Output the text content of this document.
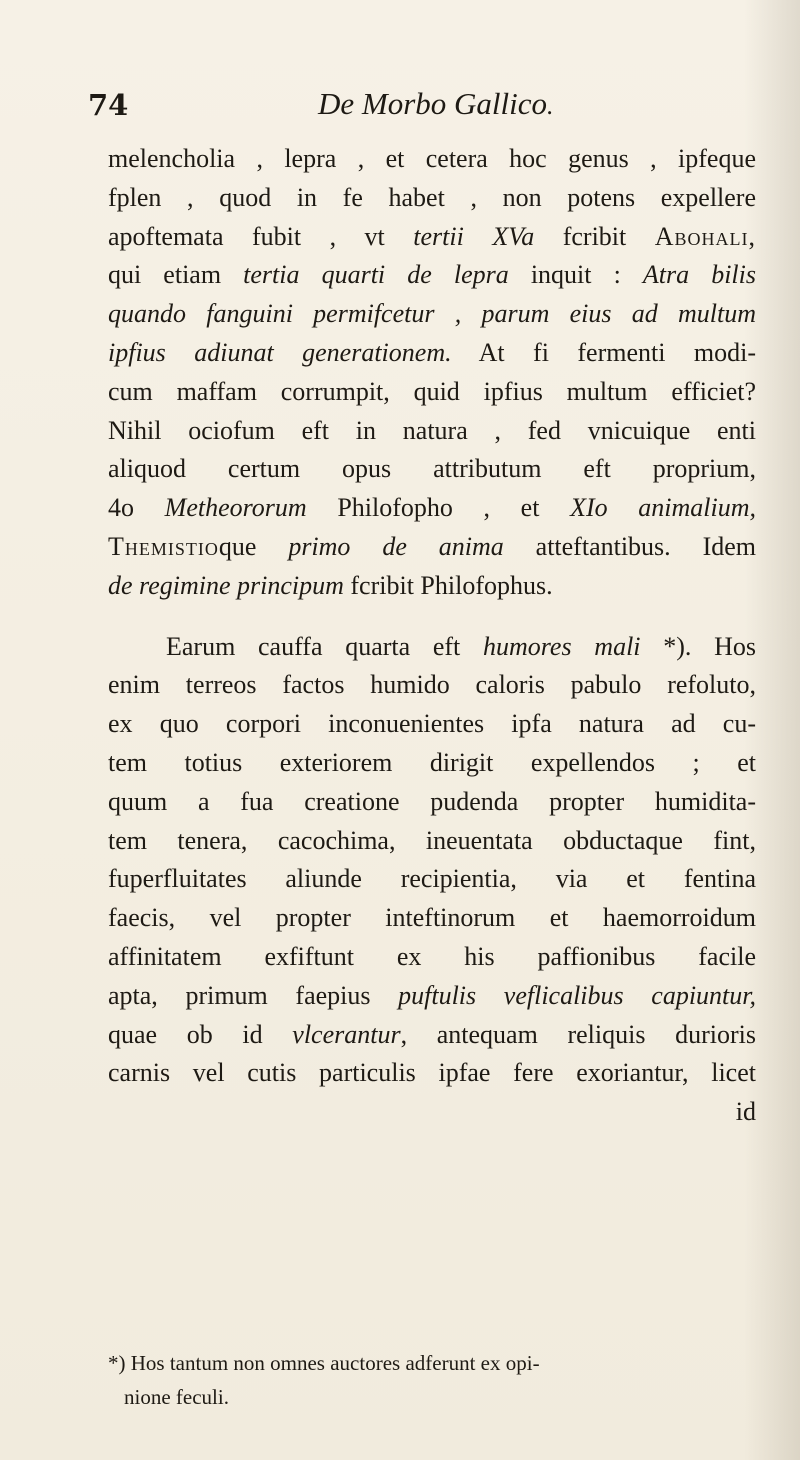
74	De Morbo Gallico.
melencholia , lepra , et cetera hoc genus , ipfeque
fplen , quod in fe habet , non potens expellere
apoftemata fubit , vt tertii XVa fcribit Abohali,
qui etiam tertia quarti de lepra inquit : Atra bilis
quando fanguini permifcetur , parum eius ad multum
ipfius adiunat generationem. At fi fermenti modi-
cum maffam corrumpit, quid ipfius multum efficiet?
Nihil ociofum eft in natura , fed vnicuique enti
aliquod certum opus attributum eft proprium,
4o Metheororum Philofopho , et XIo animalium,
Themistioque primo de anima atteftantibus. Idem
de regimine principum fcribit Philofophus.
Earum cauffa quarta eft humores mali *). Hos
enim terreos factos humido caloris pabulo refoluto,
ex quo corpori inconuenientes ipfa natura ad cu-
tem totius exteriorem dirigit expellendos ; et
quum a fua creatione pudenda propter humidita-
tem tenera, cacochima, ineuentata obductaque fint,
fuperfluitates aliunde recipientia, via et fentina
faecis, vel propter inteftinorum et haemorroidum
affinitatem exfiftunt ex his paffionibus facile
apta, primum faepius puftulis veflicalibus capiuntur,
quae ob id vlcerantur, antequam reliquis durioris
carnis vel cutis particulis ipfae fere exoriantur, licet
id
*) Hos tantum non omnes auctores adferunt ex opi-
nione feculi.
